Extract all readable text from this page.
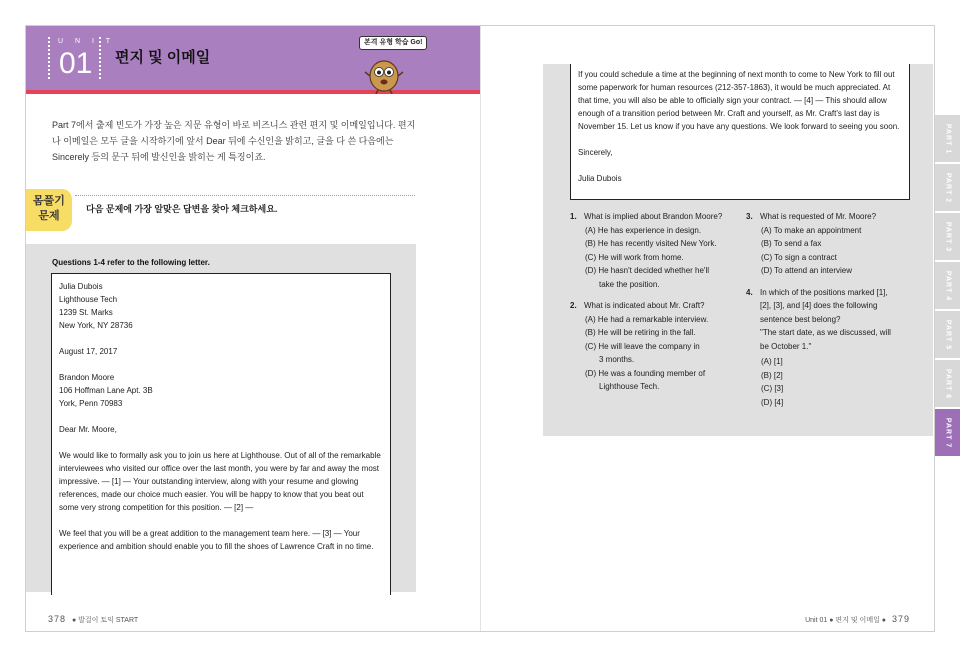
U N I T
01 편지 및 이메일
본격 유형 학습 Go!
Part 7에서 출제 빈도가 가장 높은 지문 유형이 바로 비즈니스 관련 편지 및 이메일입니다. 편지나 이메일은 모두 글을 시작하기에 앞서 Dear 뒤에 수신인을 밝히고, 글을 다 쓴 다음에는 Sincerely 등의 문구 뒤에 발신인을 밝히는 게 특징이죠.
몸풀기
문제
다음 문제에 가장 알맞은 답변을 찾아 체크하세요.
Questions 1-4 refer to the following letter.

Julia Dubois
Lighthouse Tech
1239 St. Marks
New York, NY 28736

August 17, 2017

Brandon Moore
106 Hoffman Lane Apt. 3B
York, Penn 70983

Dear Mr. Moore,

We would like to formally ask you to join us here at Lighthouse. Out of all of the remarkable interviewees who visited our office over the last month, you were by far and away the most impressive. — [1] — Your outstanding interview, along with your resume and glowing references, made our choice much easier. You will be happy to know that you beat out some very strong competition for this position. — [2] —

We feel that you will be a great addition to the management team here. — [3] — Your experience and ambition should enable you to fill the shoes of Lawrence Craft in no time.

If you could schedule a time at the beginning of next month to come to New York to fill out some paperwork for human resources (212-357-1863), it would be much appreciated. At that time, you will also be able to officially sign your contract. — [4] — This should allow enough of a transition period between Mr. Craft and yourself, as Mr. Craft's last day is November 15. Let us know if you have any questions. We look forward to seeing you soon.

Sincerely,

Julia Dubois

1. What is implied about Brandon Moore?
(A) He has experience in design.
(B) He has recently visited New York.
(C) He will work from home.
(D) He hasn't decided whether he'll
take the position.
2. What is indicated about Mr. Craft?
(A) He had a remarkable interview.
(B) He will be retiring in the fall.
(C) He will leave the company in
3 months.
(D) He was a founding member of
Lighthouse Tech.
3. What is requested of Mr. Moore?
(A) To make an appointment
(B) To send a fax
(C) To sign a contract
(D) To attend an interview
4. In which of the positions marked [1],
[2], [3], and [4] does the following
sentence best belong?
"The start date, as we discussed, will
be October 1."
(A) [1]
(B) [2]
(C) [3]
(D) [4]
PART 1
PART 2
PART 3
PART 4
PART 5
PART 6
PART 7
378 ● 발걸이 토익 START	Unit 01 ● 편지 및 이메일 ● 379
